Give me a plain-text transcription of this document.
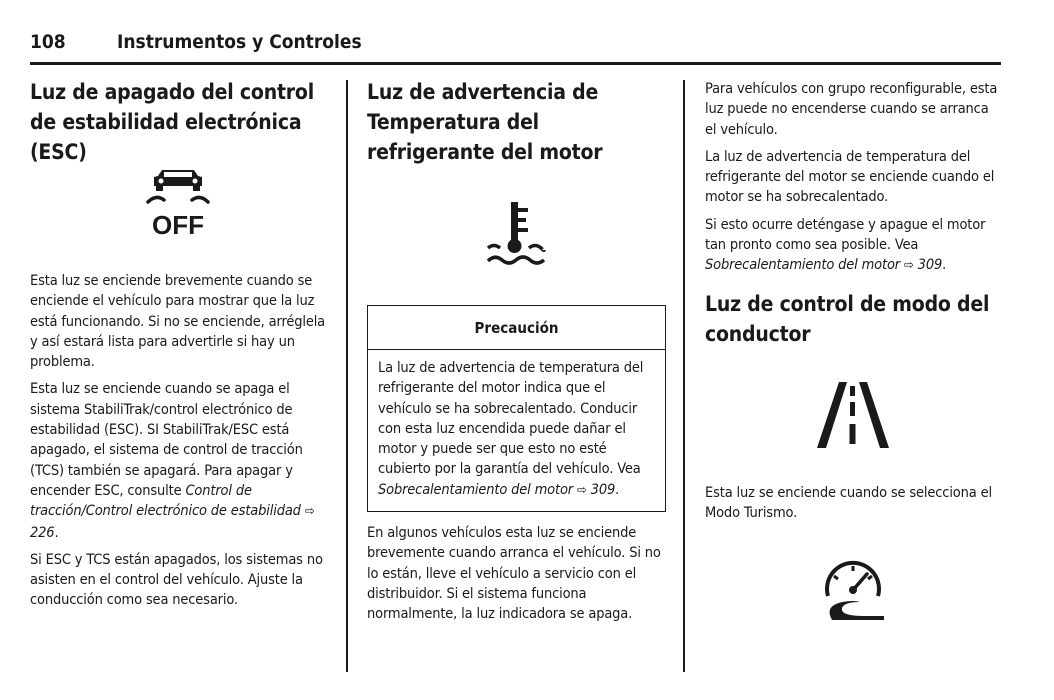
108	Instrumentos y Controles
Luz de apagado del control de estabilidad electrónica (ESC)
OFF

Esta luz se enciende brevemente cuando se enciende el vehículo para mostrar que la luz está funcionando. Si no se enciende, arréglela y así estará lista para advertirle si hay un problema.

Esta luz se enciende cuando se apaga el sistema StabiliTrak/control electrónico de estabilidad (ESC). SI StabiliTrak/ESC está apagado, el sistema de control de tracción (TCS) también se apagará. Para apagar y encender ESC, consulte Control de tracción/Control electrónico de estabilidad ⇨ 226.

Si ESC y TCS están apagados, los sistemas no asisten en el control del vehículo. Ajuste la conducción como sea necesario.

Luz de advertencia de Temperatura del refrigerante del motor
Precaución

La luz de advertencia de temperatura del refrigerante del motor indica que el vehículo se ha sobrecalentado. Conducir con esta luz encendida puede dañar el motor y puede ser que esto no esté cubierto por la garantía del vehículo. Vea Sobrecalentamiento del motor ⇨ 309.

En algunos vehículos esta luz se enciende brevemente cuando arranca el vehículo. Si no lo están, lleve el vehículo a servicio con el distribuidor. Si el sistema funciona normalmente, la luz indicadora se apaga.

Para vehículos con grupo reconfigurable, esta luz puede no encenderse cuando se arranca el vehículo.

La luz de advertencia de temperatura del refrigerante del motor se enciende cuando el motor se ha sobrecalentado.

Si esto ocurre deténgase y apague el motor tan pronto como sea posible. Vea Sobrecalentamiento del motor ⇨ 309.

Luz de control de modo del conductor

Esta luz se enciende cuando se selecciona el Modo Turismo.
